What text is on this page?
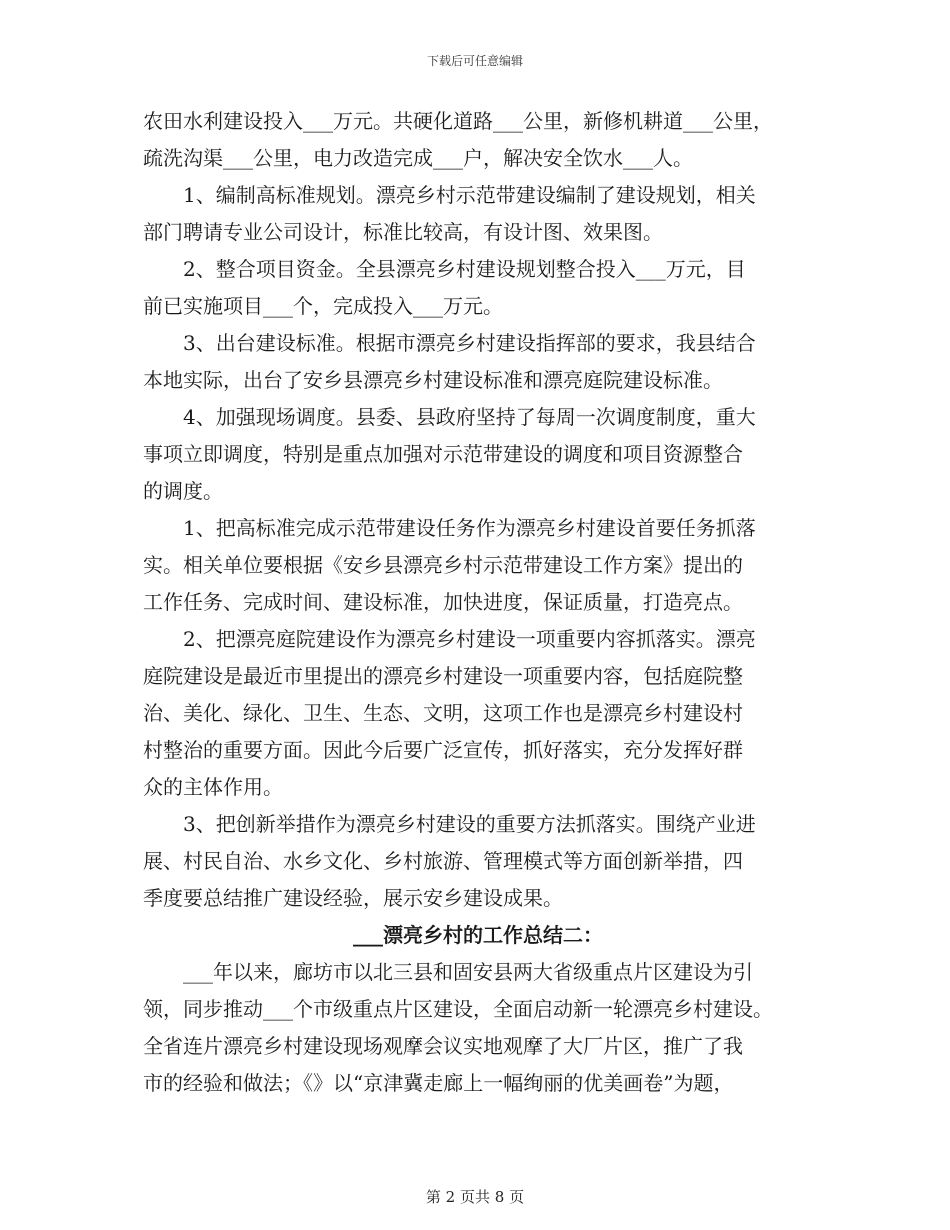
下载后可任意编辑
农田水利建设投入___万元。共硬化道路___公里，新修机耕道___公里，
疏洗沟渠___公里，电力改造完成___户，解决安全饮水___人。
1、编制高标准规划。漂亮乡村示范带建设编制了建设规划，相关
部门聘请专业公司设计，标准比较高，有设计图、效果图。
2、整合项目资金。全县漂亮乡村建设规划整合投入___万元，目
前已实施项目___个，完成投入___万元。
3、出台建设标准。根据市漂亮乡村建设指挥部的要求，我县结合
本地实际，出台了安乡县漂亮乡村建设标准和漂亮庭院建设标准。
4、加强现场调度。县委、县政府坚持了每周一次调度制度，重大
事项立即调度，特别是重点加强对示范带建设的调度和项目资源整合
的调度。
1、把高标准完成示范带建设任务作为漂亮乡村建设首要任务抓落
实。相关单位要根据《安乡县漂亮乡村示范带建设工作方案》提出的
工作任务、完成时间、建设标准，加快进度，保证质量，打造亮点。
2、把漂亮庭院建设作为漂亮乡村建设一项重要内容抓落实。漂亮
庭院建设是最近市里提出的漂亮乡村建设一项重要内容，包括庭院整
治、美化、绿化、卫生、生态、文明，这项工作也是漂亮乡村建设村
村整治的重要方面。因此今后要广泛宣传，抓好落实，充分发挥好群
众的主体作用。
3、把创新举措作为漂亮乡村建设的重要方法抓落实。围绕产业进
展、村民自治、水乡文化、乡村旅游、管理模式等方面创新举措，四
季度要总结推广建设经验，展示安乡建设成果。
___漂亮乡村的工作总结二：
___年以来，廊坊市以北三县和固安县两大省级重点片区建设为引
领，同步推动___个市级重点片区建设，全面启动新一轮漂亮乡村建设。
全省连片漂亮乡村建设现场观摩会议实地观摩了大厂片区，推广了我
市的经验和做法；《》以“京津冀走廊上一幅绚丽的优美画卷”为题，
第 2 页共 8 页
